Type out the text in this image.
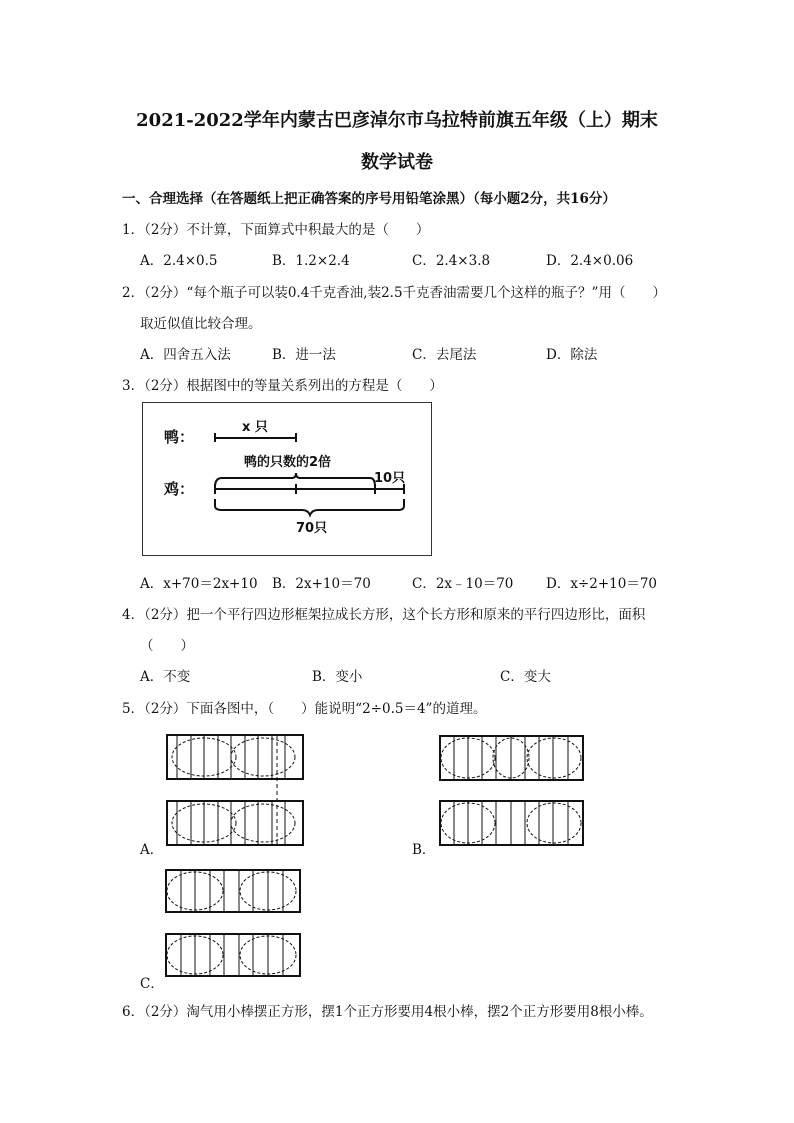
2021-2022学年内蒙古巴彦淖尔市乌拉特前旗五年级（上）期末
数学试卷
一、合理选择（在答题纸上把正确答案的序号用铅笔涂黑）（每小题2分，共16分）
1．（2分）不计算，下面算式中积最大的是（　　）
A．2.4×0.5	B．1.2×2.4	C．2.4×3.8	D．2.4×0.06
2．（2分）“每个瓶子可以装0.4千克香油,装2.5千克香油需要几个这样的瓶子？”用（　　）
取近似值比较合理。
A．四舍五入法	B．进一法	C．去尾法	D．除法
3．（2分）根据图中的等量关系列出的方程是（　　）
鸭：
鸡：
x 只
鸭的只数的2倍
10只
70只
A．x+70＝2x+10 B．2x+10＝70	C．2x﹣10＝70 D．x÷2+10＝70
4．（2分）把一个平行四边形框架拉成长方形，这个长方形和原来的平行四边形比，面积
（　　）
A．不变	B．变小	C．变大
5．（2分）下面各图中，（　　）能说明“2÷0.5＝4”的道理。
A．	B．
C．
6．（2分）淘气用小棒摆正方形，摆1个正方形要用4根小棒，摆2个正方形要用8根小棒。
